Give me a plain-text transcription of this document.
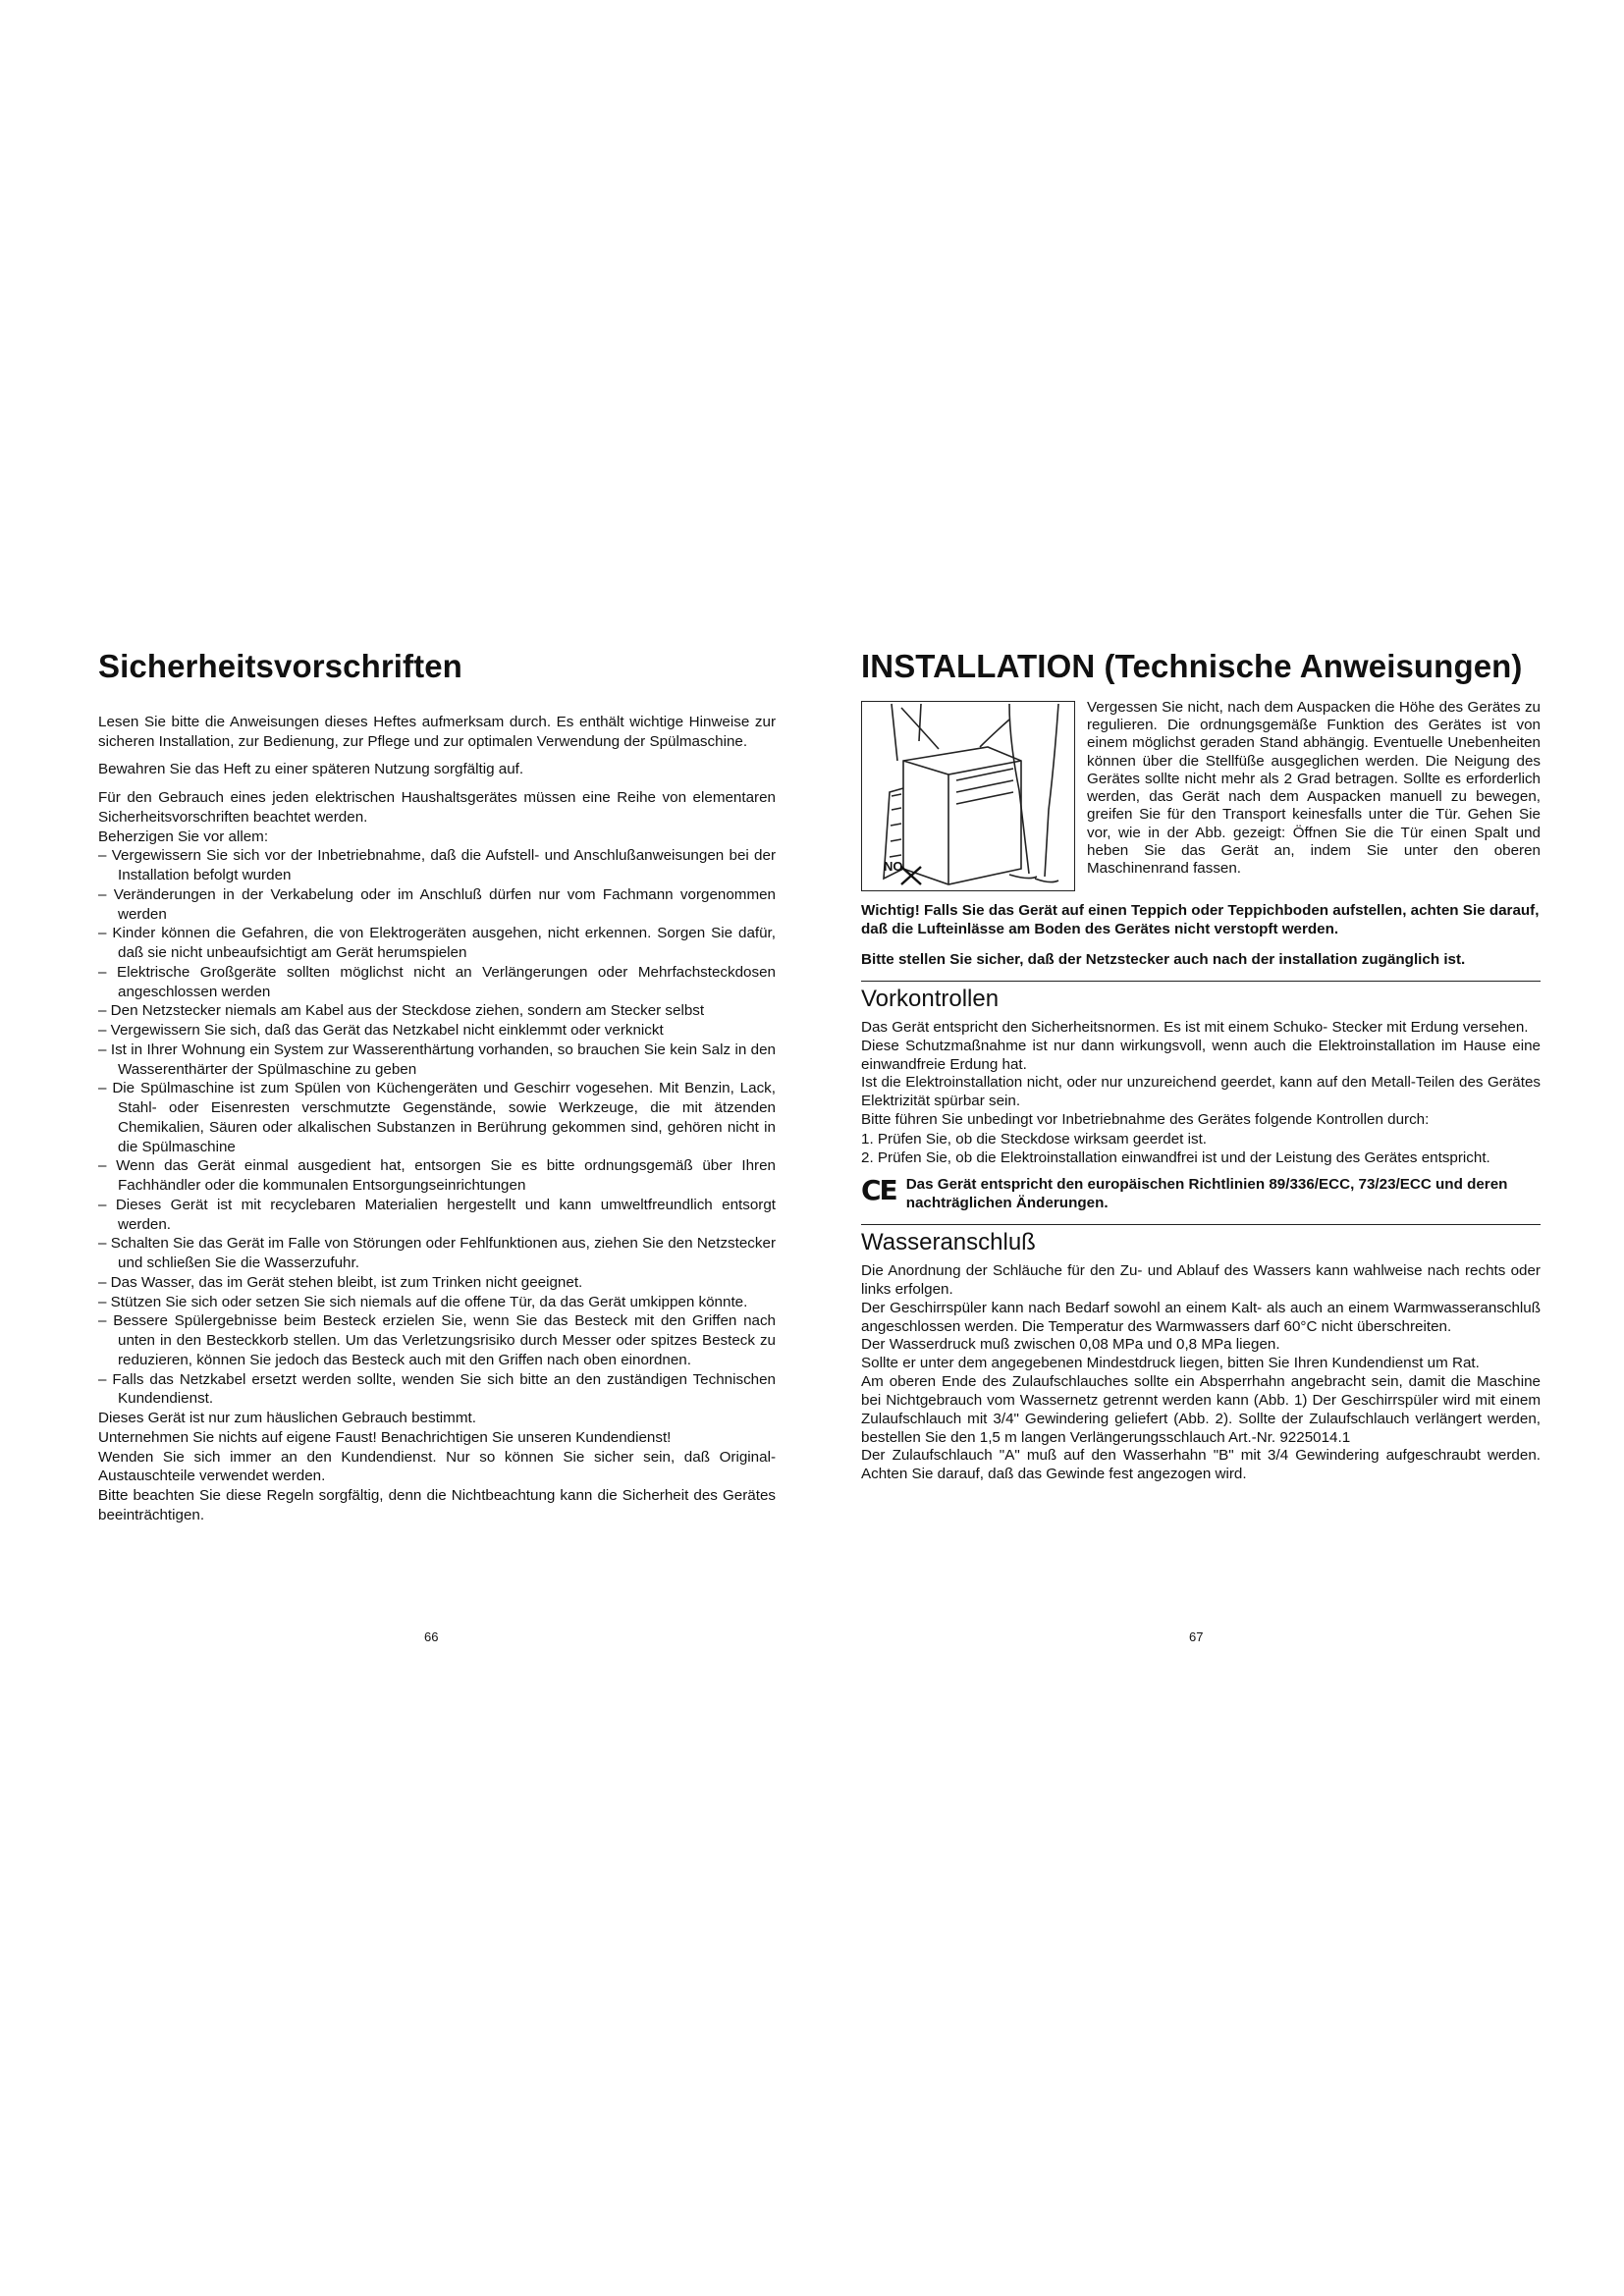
Sicherheitsvorschriften

Lesen Sie bitte die Anweisungen dieses Heftes aufmerksam durch. Es enthält wichtige Hinweise zur sicheren Installation, zur Bedienung, zur Pflege und zur optimalen Verwendung der Spülmaschine.

Bewahren Sie das Heft zu einer späteren Nutzung sorgfältig auf.

Für den Gebrauch eines jeden elektrischen Haushaltsgerätes müssen eine Reihe von elementaren Sicherheitsvorschriften beachtet werden.

Beherzigen Sie vor allem:

– Vergewissern Sie sich vor der Inbetriebnahme, daß die Aufstell- und Anschlußanweisungen bei der Installation befolgt wurden
– Veränderungen in der Verkabelung oder im Anschluß dürfen nur vom Fachmann vorgenommen werden
– Kinder können die Gefahren, die von Elektrogeräten ausgehen, nicht erkennen. Sorgen Sie dafür, daß sie nicht unbeaufsichtigt am Gerät herumspielen
– Elektrische Großgeräte sollten möglichst nicht an Verlängerungen oder Mehrfachsteckdosen angeschlossen werden
– Den Netzstecker niemals am Kabel aus der Steckdose ziehen, sondern am Stecker selbst
– Vergewissern Sie sich, daß das Gerät das Netzkabel nicht einklemmt oder verknickt
– Ist in Ihrer Wohnung ein System zur Wasserenthärtung vorhanden, so brauchen Sie kein Salz in den Wasserenthärter der Spülmaschine zu geben
– Die Spülmaschine ist zum Spülen von Küchengeräten und Geschirr vogesehen. Mit Benzin, Lack, Stahl- oder Eisenresten verschmutzte Gegenstände, sowie Werkzeuge, die mit ätzenden Chemikalien, Säuren oder alkalischen Substanzen in Berührung gekommen sind, gehören nicht in die Spülmaschine
– Wenn das Gerät einmal ausgedient hat, entsorgen Sie es bitte ordnungsgemäß über Ihren Fachhändler oder die kommunalen Entsorgungseinrichtungen
– Dieses Gerät ist mit recyclebaren Materialien hergestellt und kann umweltfreundlich entsorgt werden.
– Schalten Sie das Gerät im Falle von Störungen oder Fehlfunktionen aus, ziehen Sie den Netzstecker und schließen Sie die Wasserzufuhr.
– Das Wasser, das im Gerät stehen bleibt, ist zum Trinken nicht geeignet.
– Stützen Sie sich oder setzen Sie sich niemals auf die offene Tür, da das Gerät umkippen könnte.
– Bessere Spülergebnisse beim Besteck erzielen Sie, wenn Sie das Besteck mit den Griffen nach unten in den Besteckkorb stellen. Um das Verletzungsrisiko durch Messer oder spitzes Besteck zu reduzieren, können Sie jedoch das Besteck auch mit den Griffen nach oben einordnen.
– Falls das Netzkabel ersetzt werden sollte, wenden Sie sich bitte an den zuständigen Technischen Kundendienst.

Dieses Gerät ist nur zum häuslichen Gebrauch bestimmt.

Unternehmen Sie nichts auf eigene Faust! Benachrichtigen Sie unseren Kundendienst!

Wenden Sie sich immer an den Kundendienst. Nur so können Sie sicher sein, daß Original-Austauschteile verwendet werden.

Bitte beachten Sie diese Regeln sorgfältig, denn die Nichtbeachtung kann die Sicherheit des Gerätes beeinträchtigen.

66
INSTALLATION (Technische Anweisungen)
NO

Vergessen Sie nicht, nach dem Auspacken die Höhe des Gerätes zu regulieren. Die ordnungsgemäße Funktion des Gerätes ist von einem möglichst geraden Stand abhängig. Eventuelle Unebenheiten können über die Stellfüße ausgeglichen werden. Die Neigung des Gerätes sollte nicht mehr als 2 Grad betragen. Sollte es erforderlich werden, das Gerät nach dem Auspacken manuell zu bewegen, greifen Sie für den Transport keinesfalls unter die Tür. Gehen Sie vor, wie in der Abb. gezeigt: Öffnen Sie die Tür einen Spalt und heben Sie das Gerät an, indem Sie unter den oberen Maschinenrand fassen.

Wichtig! Falls Sie das Gerät auf einen Teppich oder Teppichboden aufstellen, achten Sie darauf, daß die Lufteinlässe am Boden des Gerätes nicht verstopft werden.

Bitte stellen Sie sicher, daß der Netzstecker auch nach der installation zugänglich ist.

Vorkontrollen

Das Gerät entspricht den Sicherheitsnormen. Es ist mit einem Schuko- Stecker mit Erdung versehen.

Diese Schutzmaßnahme ist nur dann wirkungsvoll, wenn auch die Elektroinstallation im Hause eine einwandfreie Erdung hat.

Ist die Elektroinstallation nicht, oder nur unzureichend geerdet, kann auf den Metall-Teilen des Gerätes Elektrizität spürbar sein.

Bitte führen Sie unbedingt vor Inbetriebnahme des Gerätes folgende Kontrollen durch:

1. Prüfen Sie, ob die Steckdose wirksam geerdet ist.
2. Prüfen Sie, ob die Elektroinstallation einwandfrei ist und der Leistung des Gerätes entspricht.
CE Das Gerät entspricht den europäischen Richtlinien 89/336/ECC, 73/23/ECC und deren nachträglichen Änderungen.
Wasseranschluß

Die Anordnung der Schläuche für den Zu- und Ablauf des Wassers kann wahlweise nach rechts oder links erfolgen.

Der Geschirrspüler kann nach Bedarf sowohl an einem Kalt- als auch an einem Warmwasseranschluß angeschlossen werden. Die Temperatur des Warmwassers darf 60°C nicht überschreiten.

Der Wasserdruck muß zwischen 0,08 MPa und 0,8 MPa liegen.

Sollte er unter dem angegebenen Mindestdruck liegen, bitten Sie Ihren Kundendienst um Rat.

Am oberen Ende des Zulaufschlauches sollte ein Absperrhahn angebracht sein, damit die Maschine bei Nichtgebrauch vom Wassernetz getrennt werden kann (Abb. 1) Der Geschirrspüler wird mit einem Zulaufschlauch mit 3/4" Gewindering geliefert (Abb. 2). Sollte der Zulaufschlauch verlängert werden, bestellen Sie den 1,5 m langen Verlängerungsschlauch Art.-Nr. 9225014.1

Der Zulaufschlauch "A" muß auf den Wasserhahn "B" mit 3/4 Gewindering aufgeschraubt werden. Achten Sie darauf, daß das Gewinde fest angezogen wird.

67
